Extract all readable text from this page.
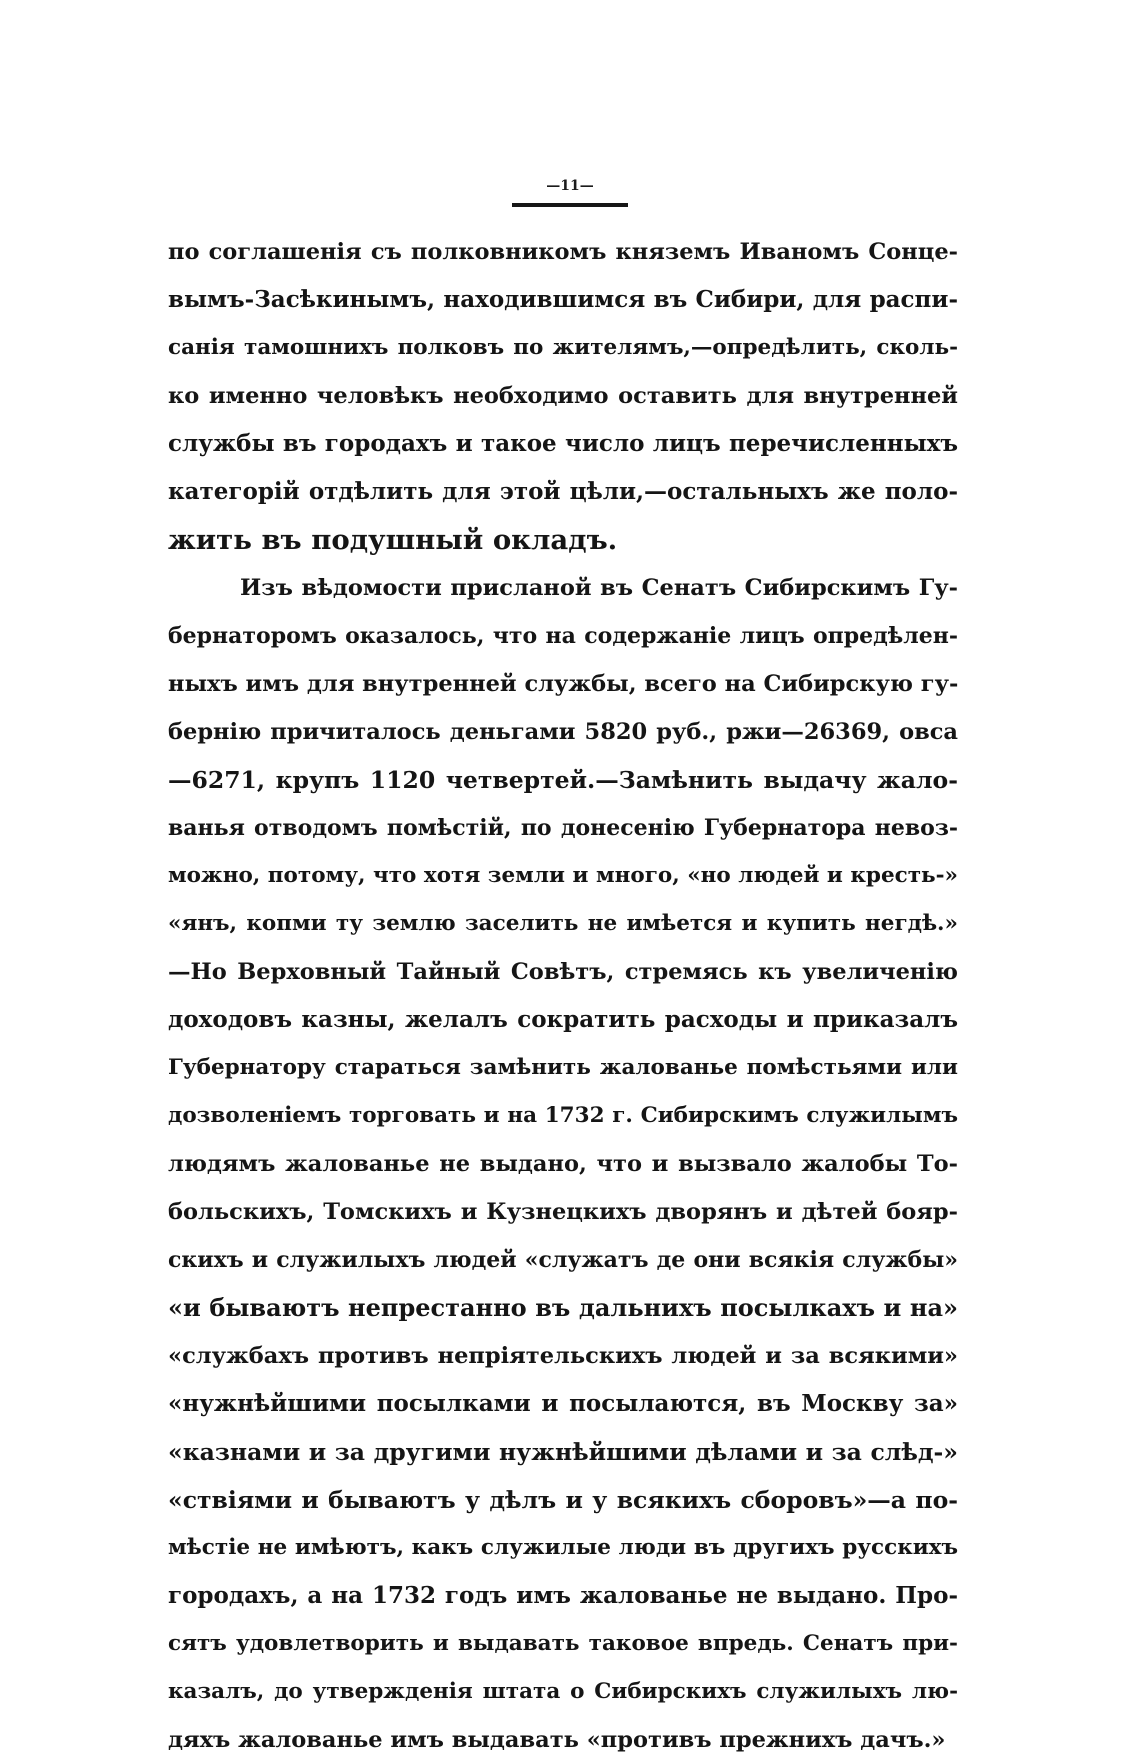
—11—
по соглашенія съ полковникомъ княземъ Иваномъ Сонце-
вымъ-Засѣкинымъ, находившимся въ Сибири, для распи-
санія тамошнихъ полковъ по жителямъ,—опредѣлить, сколь-
ко именно человѣкъ необходимо оставить для внутренней
службы въ городахъ и такое число лицъ перечисленныхъ
категорій отдѣлить для этой цѣли,—остальныхъ же поло-
жить въ подушный окладъ.
Изъ вѣдомости присланой въ Сенатъ Сибирскимъ Гу-
бернаторомъ оказалось, что на содержаніе лицъ опредѣлен-
ныхъ имъ для внутренней службы, всего на Сибирскую гу-
бернію причиталось деньгами 5820 руб., ржи—26369, овса
—6271, крупъ 1120 четвертей.—Замѣнить выдачу жало-
ванья отводомъ помѣстій, по донесенію Губернатора невоз-
можно, потому, что хотя земли и много, «но людей и кресть-»
«янъ, копми ту землю заселить не имѣется и купить негдѣ.»
—Но Верховный Тайный Совѣтъ, стремясь къ увеличенію
доходовъ казны, желалъ сократить расходы и приказалъ
Губернатору стараться замѣнить жалованье помѣстьями или
дозволеніемъ торговать и на 1732 г. Сибирскимъ служилымъ
людямъ жалованье не выдано, что и вызвало жалобы То-
больскихъ, Томскихъ и Кузнецкихъ дворянъ и дѣтей бояр-
скихъ и служилыхъ людей «служатъ де они всякія службы»
«и бываютъ непрестанно въ дальнихъ посылкахъ и на»
«службахъ противъ непріятельскихъ людей и за всякими»
«нужнѣйшими посылками и посылаются, въ Москву за»
«казнами и за другими нужнѣйшими дѣлами и за слѣд-»
«ствіями и бываютъ у дѣлъ и у всякихъ сборовъ»—а по-
мѣстіе не имѣютъ, какъ служилые люди въ другихъ русскихъ
городахъ, а на 1732 годъ имъ жалованье не выдано. Про-
сятъ удовлетворить и выдавать таковое впредь. Сенатъ при-
казалъ, до утвержденія штата о Сибирскихъ служилыхъ лю-
дяхъ жалованье имъ выдавать «противъ прежнихъ дачъ.»
